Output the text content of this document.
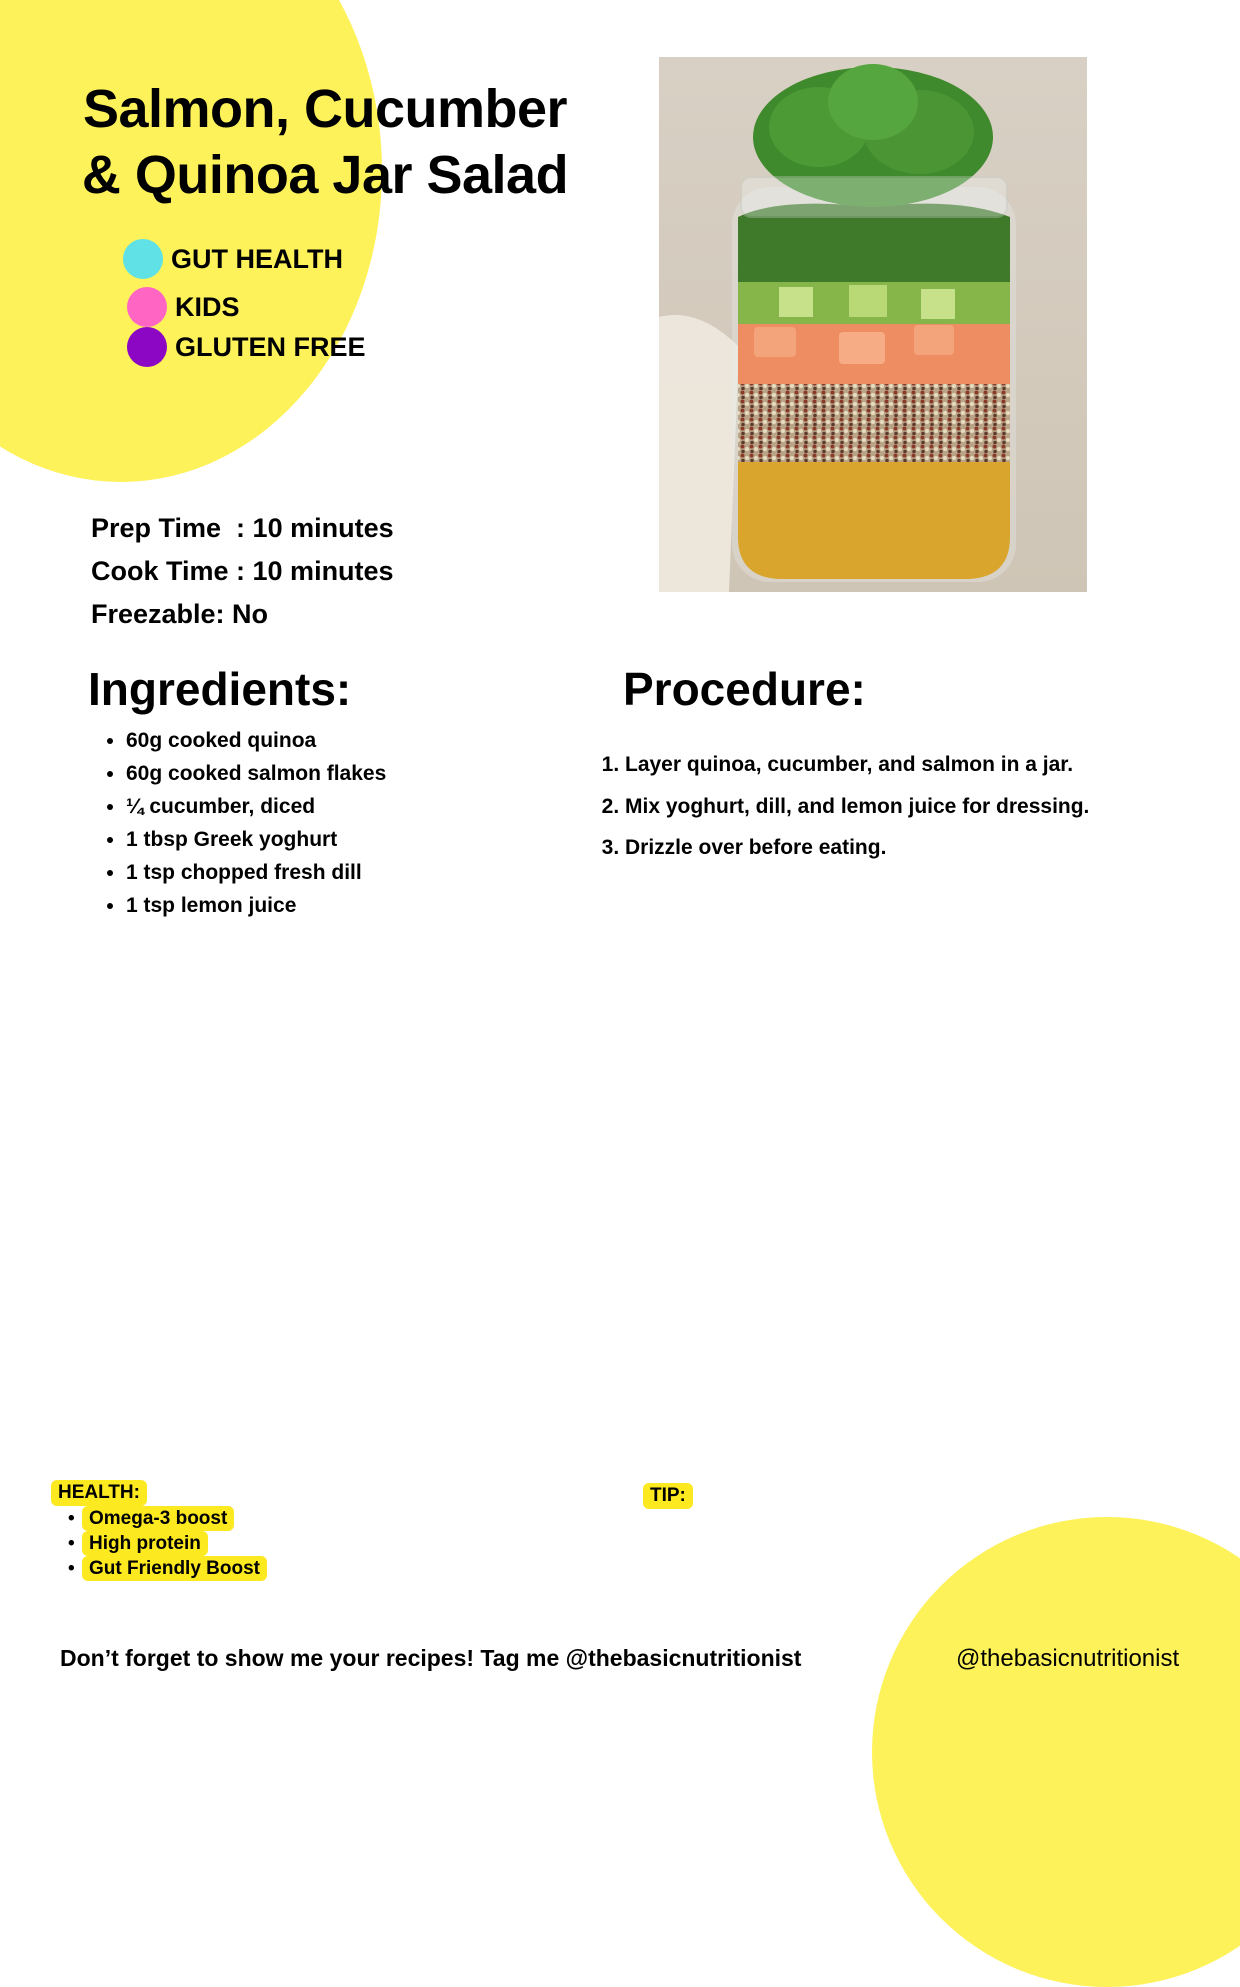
Salmon, Cucumber
& Quinoa Jar Salad
GUT HEALTH
KIDS
GLUTEN FREE
Prep Time  : 10 minutes
Cook Time : 10 minutes
Freezable: No
Ingredients:
• 60g cooked quinoa
• 60g cooked salmon flakes
• ¼ cucumber, diced
• 1 tbsp Greek yoghurt
• 1 tsp chopped fresh dill
• 1 tsp lemon juice
Procedure:
1. Layer quinoa, cucumber, and salmon in a jar.
2. Mix yoghurt, dill, and lemon juice for dressing.
3. Drizzle over before eating.
HEALTH:
• Omega-3 boost
• High protein
• Gut Friendly Boost
TIP:
Don’t forget to show me your recipes! Tag me @thebasicnutritionist	@thebasicnutritionist
